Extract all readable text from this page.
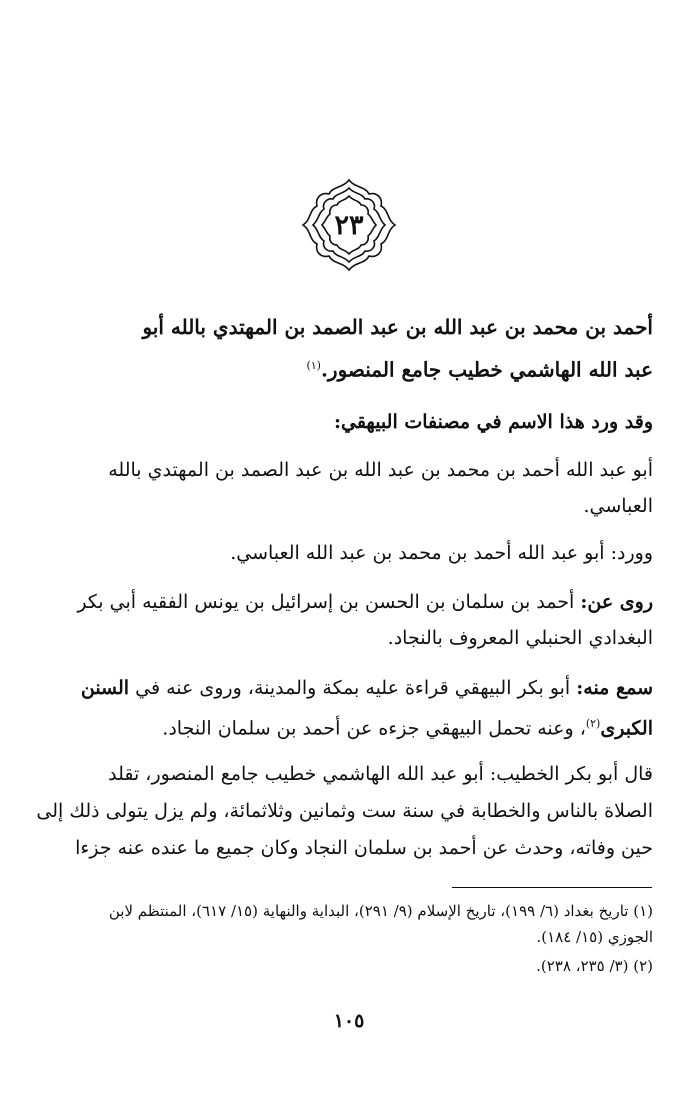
٢٣
أحمد بن محمد بن عبد الله بن عبد الصمد بن المهتدي بالله أبو
عبد الله الهاشمي خطيب جامع المنصور.$^{(١)}$
وقد ورد هذا الاسم في مصنفات البيهقي:
أبو عبد الله أحمد بن محمد بن عبد الله بن عبد الصمد بن المهتدي بالله
العباسي.
وورد: أبو عبد الله أحمد بن محمد بن عبد الله العباسي.
روى عن: أحمد بن سلمان بن الحسن بن إسرائيل بن يونس الفقيه أبي بكر
البغدادي الحنبلي المعروف بالنجاد.
سمع منه: أبو بكر البيهقي قراءة عليه بمكة والمدينة، وروى عنه في السنن
الكبرى$^{(٢)}$، وعنه تحمل البيهقي جزءه عن أحمد بن سلمان النجاد.
قال أبو بكر الخطيب: أبو عبد الله الهاشمي خطيب جامع المنصور، تقلد
الصلاة بالناس والخطابة في سنة ست وثمانين وثلاثمائة، ولم يزل يتولى ذلك إلى
حين وفاته، وحدث عن أحمد بن سلمان النجاد وكان جميع ما عنده عنه جزءا
(١) تاريخ بغداد (٦/ ١٩٩)، تاريخ الإسلام (٩/ ٢٩١)، البداية والنهاية (١٥/ ٦١٧)، المنتظم لابن
الجوزي (١٥/ ١٨٤).
(٢) (٣/ ٢٣٥، ٢٣٨).
١٠٥
